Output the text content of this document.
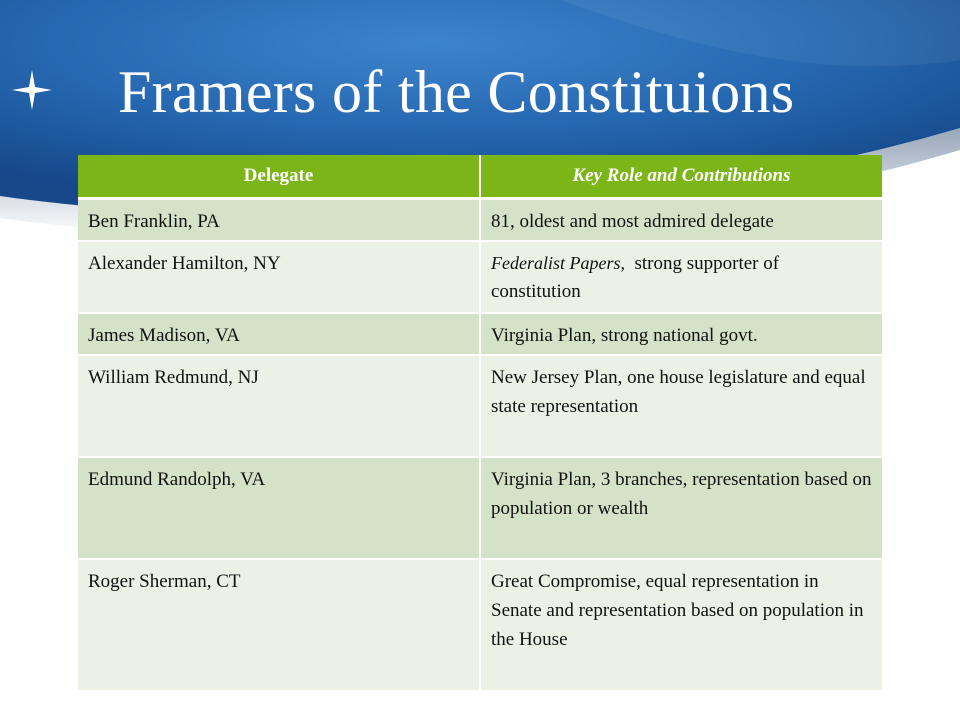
Framers of the Constituions
Delegate	Key Role and Contributions
Ben Franklin, PA	81, oldest and most admired delegate
Alexander Hamilton, NY	Federalist Papers,  strong supporter of constitution
James Madison, VA	Virginia Plan, strong national govt.
William Redmund, NJ	New Jersey Plan, one house legislature and equal state representation
Edmund Randolph, VA	Virginia Plan, 3 branches, representation based on population or wealth
Roger Sherman, CT	Great Compromise, equal representation in Senate and representation based on population in the House
